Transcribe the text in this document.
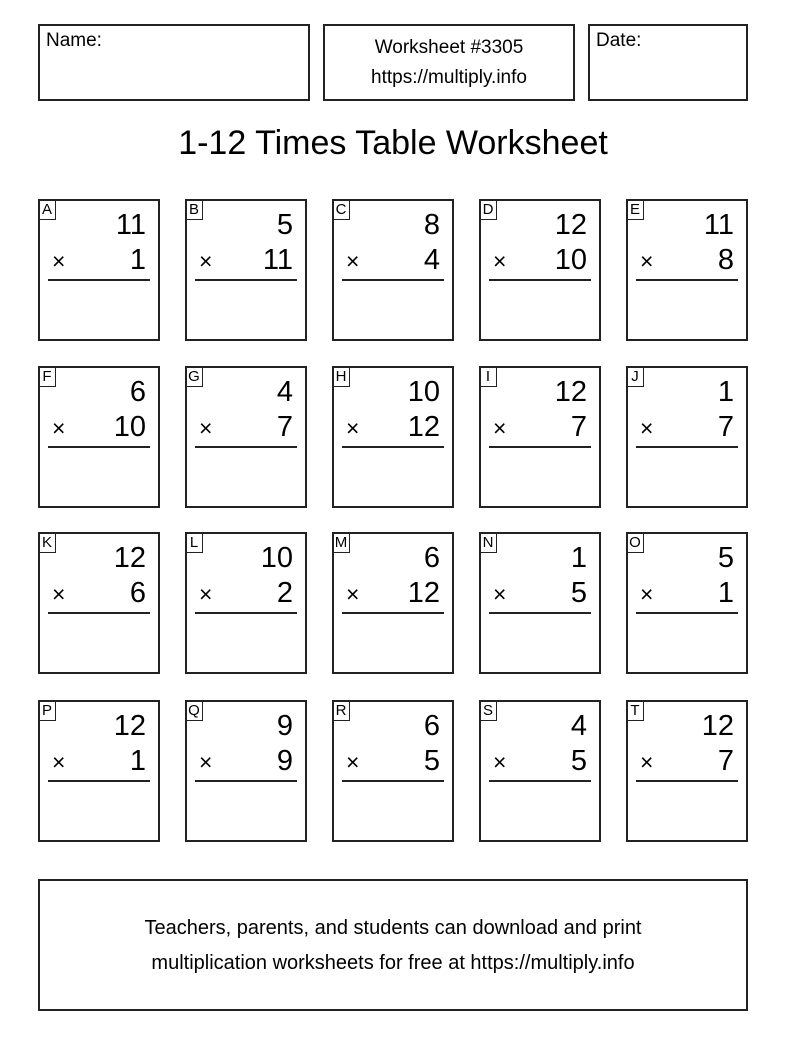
Name:	Worksheet #3305
https://multiply.info
Date:
1-12 Times Table Worksheet
A 11
× 1
B	5
× 11
C	8
× 4
D 12
× 10
E 11
× 8
F	6
× 10
G	4
× 7
H 10
× 12
I 12
× 7
J	1
× 7
K 12
× 6
L 10
× 2
M	6
× 12
N	1
× 5
O	5
× 1
P 12
× 1
Q	9
× 9
R	6
× 5
S	4
× 5
T 12
× 7
Teachers, parents, and students can download and print
multiplication worksheets for free at https://multiply.info
